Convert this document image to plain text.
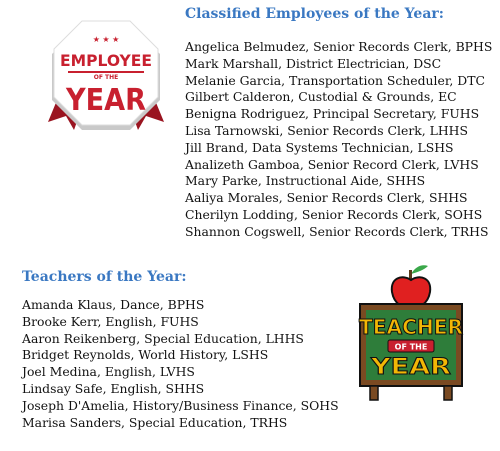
Classified Employees of the Year:
Angelica Belmudez, Senior Records Clerk, BPHS
Mark Marshall, District Electrician, DSC
Melanie Garcia, Transportation Scheduler, DTC
Gilbert Calderon, Custodial & Grounds, EC
Benigna Rodriguez, Principal Secretary, FUHS
Lisa Tarnowski, Senior Records Clerk, LHHS
Jill Brand, Data Systems Technician, LSHS
Analizeth Gamboa, Senior Record Clerk, LVHS
Mary Parke, Instructional Aide, SHHS
Aaliya Morales, Senior Records Clerk, SHHS
Cherilyn Lodding, Senior Records Clerk, SOHS
Shannon Cogswell, Senior Records Clerk, TRHS
Teachers of the Year:
Amanda Klaus, Dance, BPHS
Brooke Kerr, English, FUHS
Aaron Reikenberg, Special Education, LHHS
Bridget Reynolds, World History, LSHS
Joel Medina, English, LVHS
Lindsay Safe, English, SHHS
Joseph D'Amelia, History/Business Finance, SOHS
Marisa Sanders, Special Education, TRHS
★ ★ ★
EMPLOYEE
OF THE
YEAR
TEACHER
OF THE
YEAR
